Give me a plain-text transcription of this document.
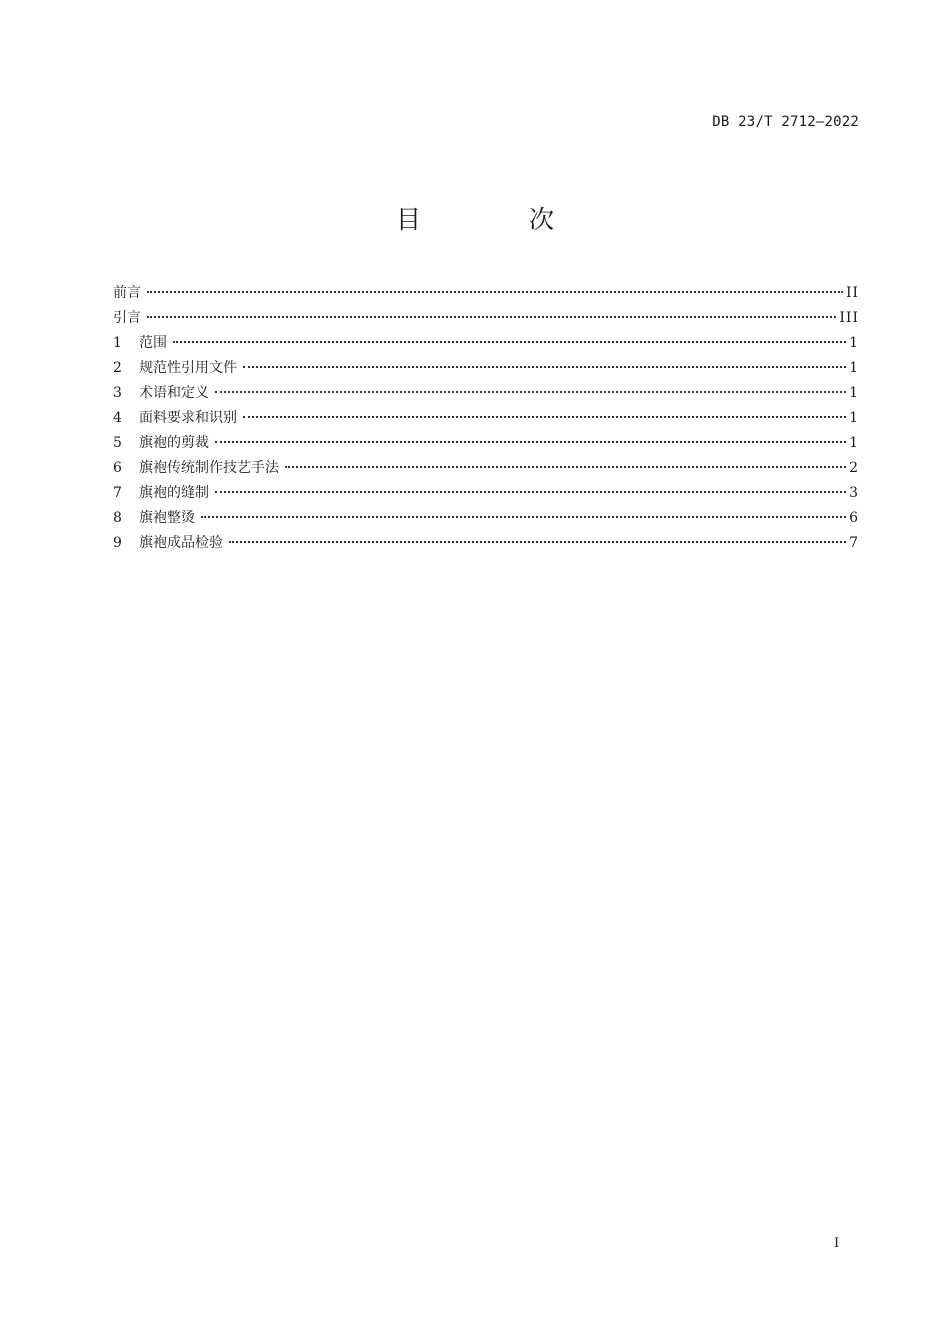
DB 23/T 2712—2022
目 次
前言	II
引言	III
1	范围	1
2	规范性引用文件	1
3	术语和定义	1
4	面料要求和识别	1
5	旗袍的剪裁	1
6	旗袍传统制作技艺手法	2
7	旗袍的缝制	3
8	旗袍整烫	6
9	旗袍成品检验	7
I
